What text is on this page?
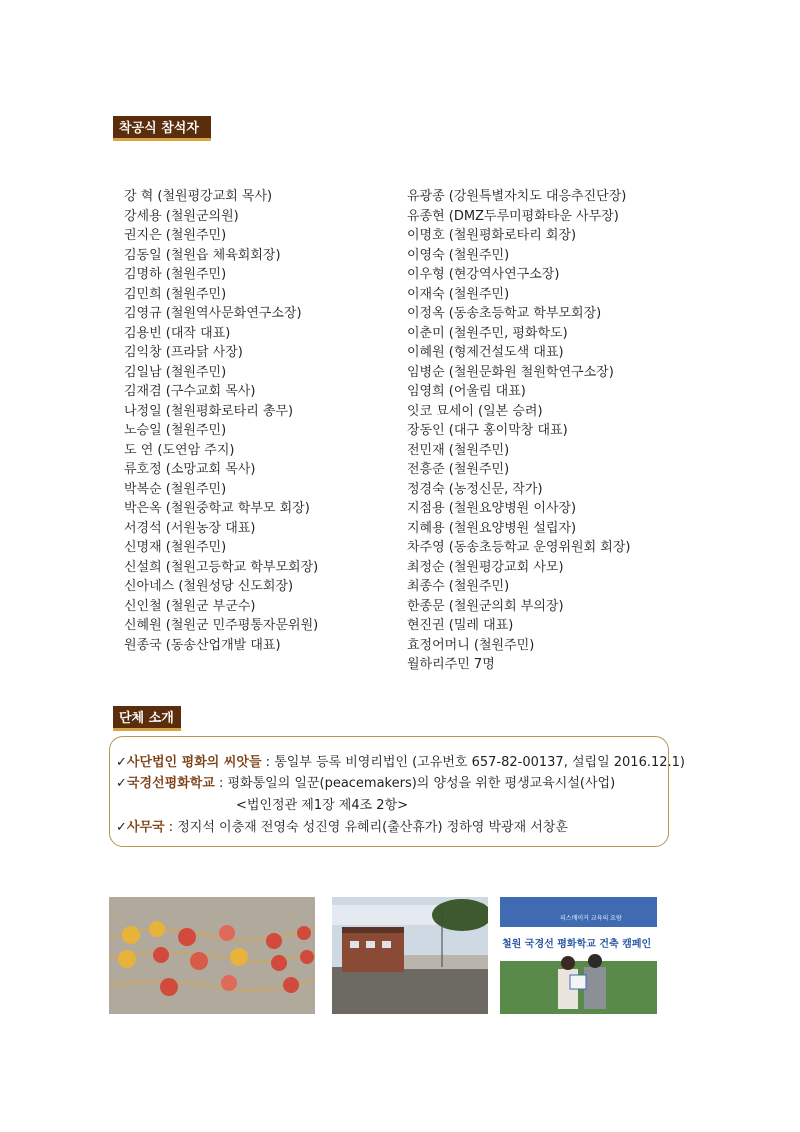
착공식 참석자
강 혁 (철원평강교회 목사)
강세용 (철원군의원)
권지은 (철원주민)
김동일 (철원읍 체육회회장)
김명하 (철원주민)
김민희 (철원주민)
김영규 (철원역사문화연구소장)
김용빈 (대작 대표)
김익창 (프라닭 사장)
김일남 (철원주민)
김재겸 (구수교회 목사)
나정일 (철원평화로타리 총무)
노승일 (철원주민)
도 연 (도연암 주지)
류호정 (소망교회 목사)
박복순 (철원주민)
박은옥 (철원중학교 학부모 회장)
서경석 (서원농장 대표)
신명재 (철원주민)
신설희 (철원고등학교 학부모회장)
신아네스 (철원성당 신도회장)
신인철 (철원군 부군수)
신혜원 (철원군 민주평통자문위원)
원종국 (동송산업개발 대표)
유광종 (강원특별자치도 대응추진단장)
유종현 (DMZ두루미평화타운 사무장)
이명호 (철원평화로타리 회장)
이영숙 (철원주민)
이우형 (현강역사연구소장)
이재숙 (철원주민)
이정옥 (동송초등학교 학부모회장)
이춘미 (철원주민, 평화학도)
이혜원 (형제건설도색 대표)
임병순 (철원문화원 철원학연구소장)
임영희 (어울림 대표)
잇코 묘세이 (일본 승려)
장동인 (대구 홍이막창 대표)
전민재 (철원주민)
전흥준 (철원주민)
정경숙 (농정신문, 작가)
지점용 (철원요양병원 이사장)
지혜용 (철원요양병원 설립자)
차주영 (동송초등학교 운영위원회 회장)
최정순 (철원평강교회 사모)
최종수 (철원주민)
한종문 (철원군의회 부의장)
현진권 (밀레 대표)
효정어머니 (철원주민)
월하리주민 7명
단체 소개
✓사단법인 평화의 씨앗들 : 통일부 등록 비영리법인 (고유번호 657-82-00137, 설립일 2016.12.1)
✓국경선평화학교 : 평화통일의 일꾼(peacemakers)의 양성을 위한 평생교육시설(사업)
<법인정관 제1장 제4조 2항>
✓사무국 : 정지석 이충재 전영숙 성진영 유혜리(출산휴가) 정하영 박광재 서창훈
피스메이커 교육의 요람
철원 국경선 평화학교 건축 캠페인
